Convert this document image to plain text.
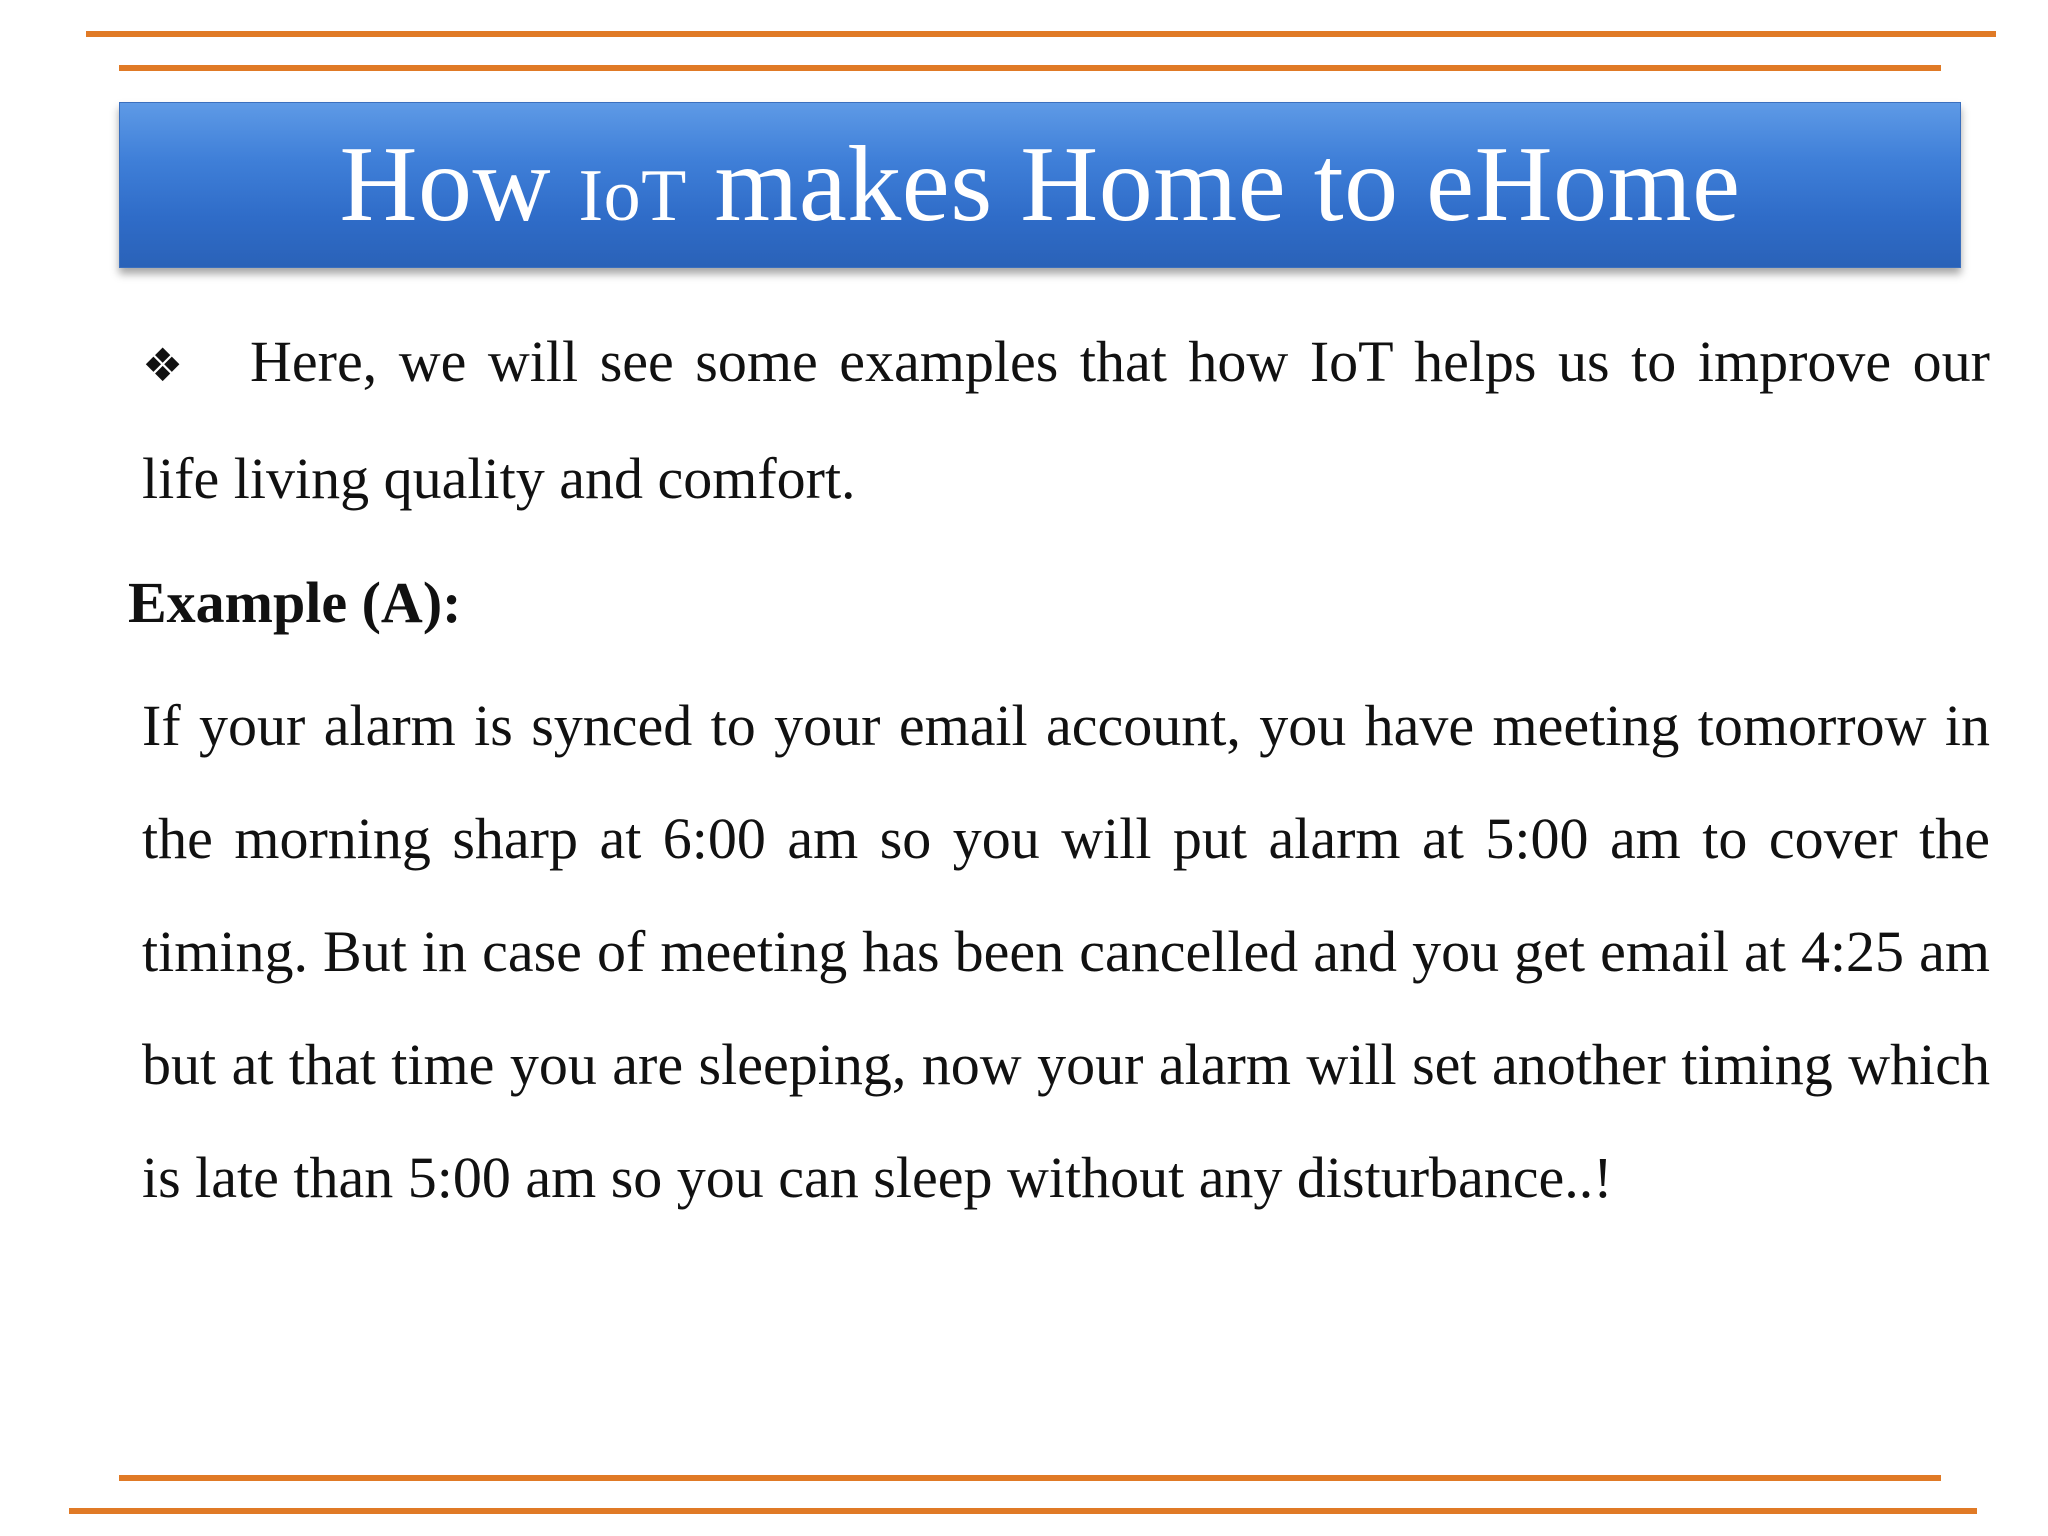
How IoT makes Home to eHome

❖ Here, we will see some examples that how IoT helps us to improve our life living quality and comfort.

Example (A):

If your alarm is synced to your email account, you have meeting tomorrow in the morning sharp at 6:00 am so you will put alarm at 5:00 am to cover the timing. But in case of meeting has been cancelled and you get email at 4:25 am but at that time you are sleeping, now your alarm will set another timing which is late than 5:00 am so you can sleep without any disturbance..!
